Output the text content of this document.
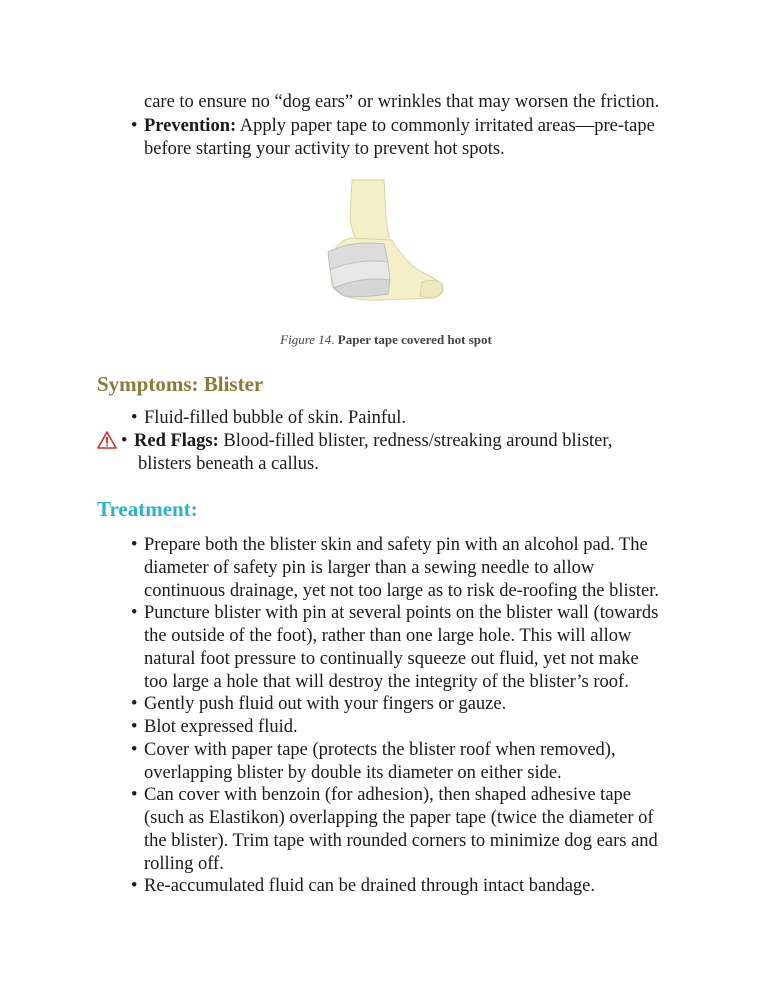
care to ensure no “dog ears” or wrinkles that may worsen the friction.
• Prevention: Apply paper tape to commonly irritated areas—pre-tape
before starting your activity to prevent hot spots.
Figure 14. Paper tape covered hot spot
Symptoms: Blister
• Fluid-filled bubble of skin. Painful.
• Red Flags: Blood-filled blister, redness/streaking around blister,
blisters beneath a callus.
Treatment:
• Prepare both the blister skin and safety pin with an alcohol pad. The
diameter of safety pin is larger than a sewing needle to allow
continuous drainage, yet not too large as to risk de-roofing the blister.
• Puncture blister with pin at several points on the blister wall (towards
the outside of the foot), rather than one large hole. This will allow
natural foot pressure to continually squeeze out fluid, yet not make
too large a hole that will destroy the integrity of the blister’s roof.
• Gently push fluid out with your fingers or gauze.
• Blot expressed fluid.
• Cover with paper tape (protects the blister roof when removed),
overlapping blister by double its diameter on either side.
• Can cover with benzoin (for adhesion), then shaped adhesive tape
(such as Elastikon) overlapping the paper tape (twice the diameter of
the blister). Trim tape with rounded corners to minimize dog ears and
rolling off.
• Re-accumulated fluid can be drained through intact bandage.
